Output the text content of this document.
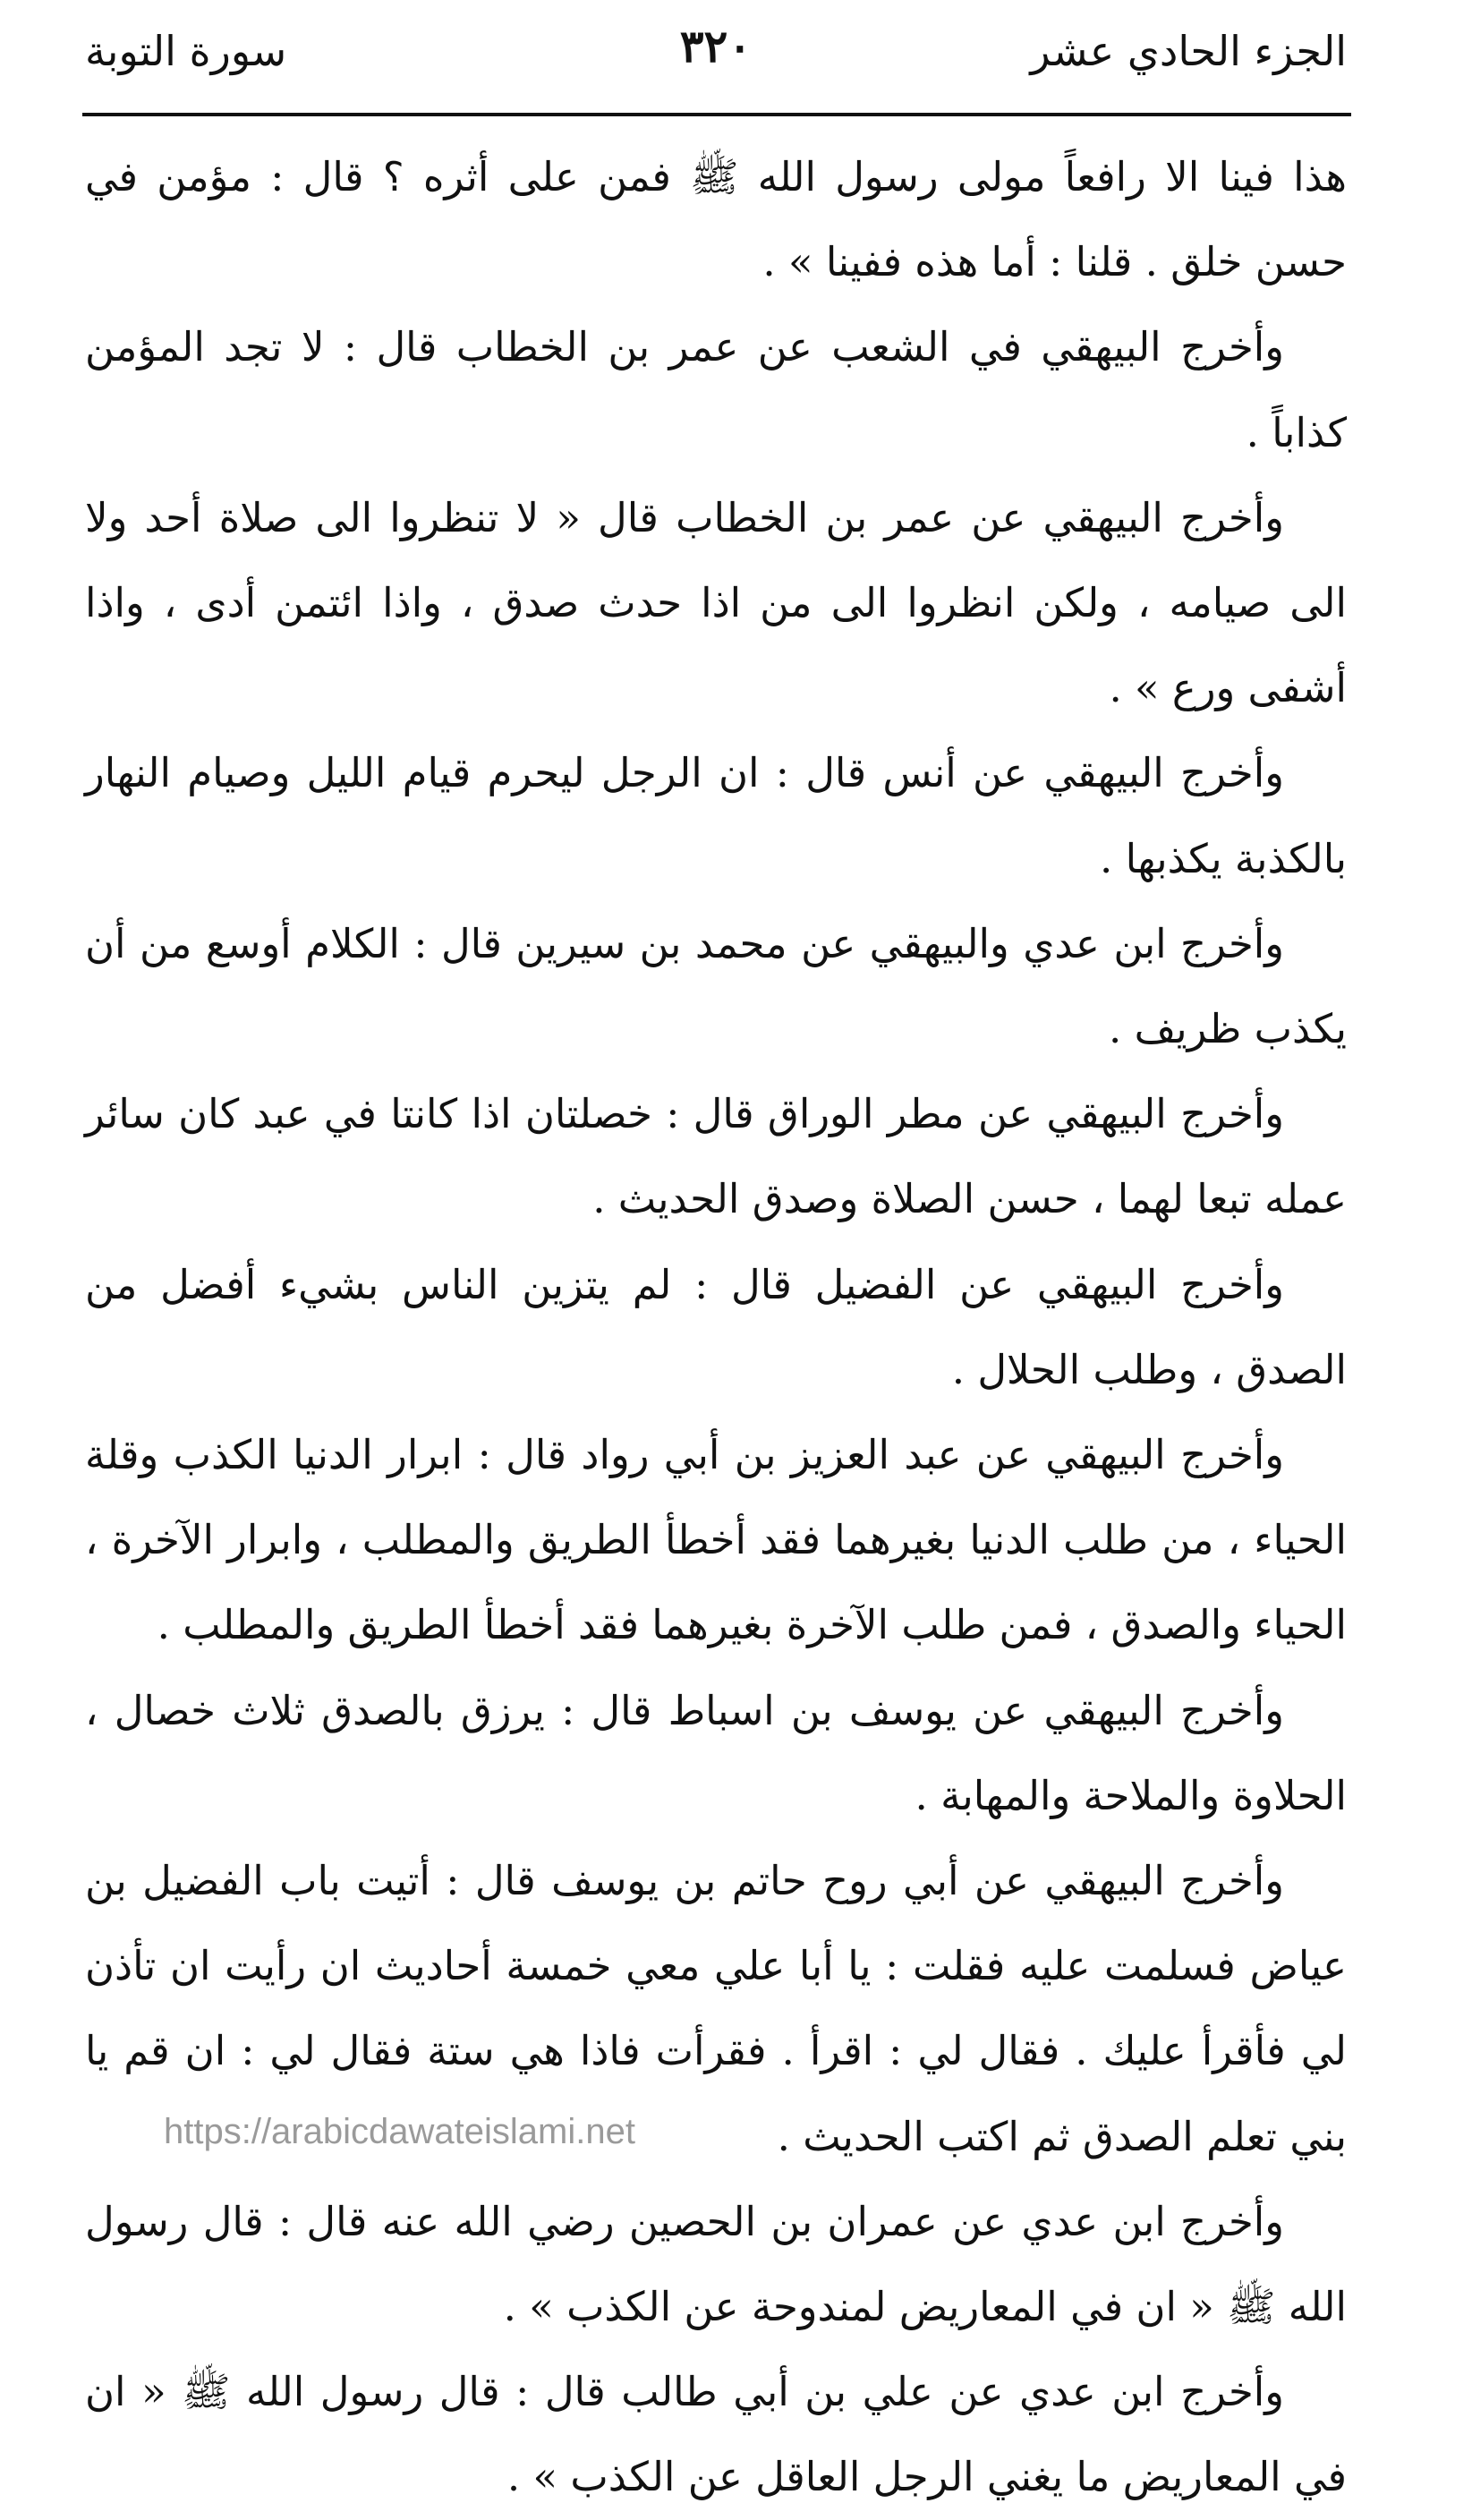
الجزء الحادي عشر
٣٢٠
سورة التوبة

هذا فينا الا رافعاً مولى رسول الله ﷺ فمن على أثره ؟ قال : مؤمن في حسن خلق . قلنا : أما هذه ففينا » .

وأخرج البيهقي في الشعب عن عمر بن الخطاب قال : لا تجد المؤمن كذاباً .

وأخرج البيهقي عن عمر بن الخطاب قال « لا تنظروا الى صلاة أحد ولا الى صيامه ، ولكن انظروا الى من اذا حدث صدق ، واذا ائتمن أدى ، واذا أشفى ورع » .

وأخرج البيهقي عن أنس قال : ان الرجل ليحرم قيام الليل وصيام النهار بالكذبة يكذبها .

وأخرج ابن عدي والبيهقي عن محمد بن سيرين قال : الكلام أوسع من أن يكذب ظريف .

وأخرج البيهقي عن مطر الوراق قال : خصلتان اذا كانتا في عبد كان سائر عمله تبعا لهما ، حسن الصلاة وصدق الحديث .

وأخرج البيهقي عن الفضيل قال : لم يتزين الناس بشيء أفضل من الصدق ، وطلب الحلال .

وأخرج البيهقي عن عبد العزيز بن أبي رواد قال : ابرار الدنيا الكذب وقلة الحياء ، من طلب الدنيا بغيرهما فقد أخطأ الطريق والمطلب ، وابرار الآخرة ، الحياء والصدق ، فمن طلب الآخرة بغيرهما فقد أخطأ الطريق والمطلب .

وأخرج البيهقي عن يوسف بن اسباط قال : يرزق بالصدق ثلاث خصال ، الحلاوة والملاحة والمهابة .

وأخرج البيهقي عن أبي روح حاتم بن يوسف قال : أتيت باب الفضيل بن عياض فسلمت عليه فقلت : يا أبا علي معي خمسة أحاديث ان رأيت ان تأذن لي فأقرأ عليك . فقال لي : اقرأ . فقرأت فاذا هي ستة فقال لي : ان قم يا بني تعلم الصدق ثم اكتب الحديث .

وأخرج ابن عدي عن عمران بن الحصين رضي الله عنه قال : قال رسول الله ﷺ « ان في المعاريض لمندوحة عن الكذب » .

وأخرج ابن عدي عن علي بن أبي طالب قال : قال رسول الله ﷺ « ان في المعاريض ما يغني الرجل العاقل عن الكذب » .

https://arabicdawateislami.net
